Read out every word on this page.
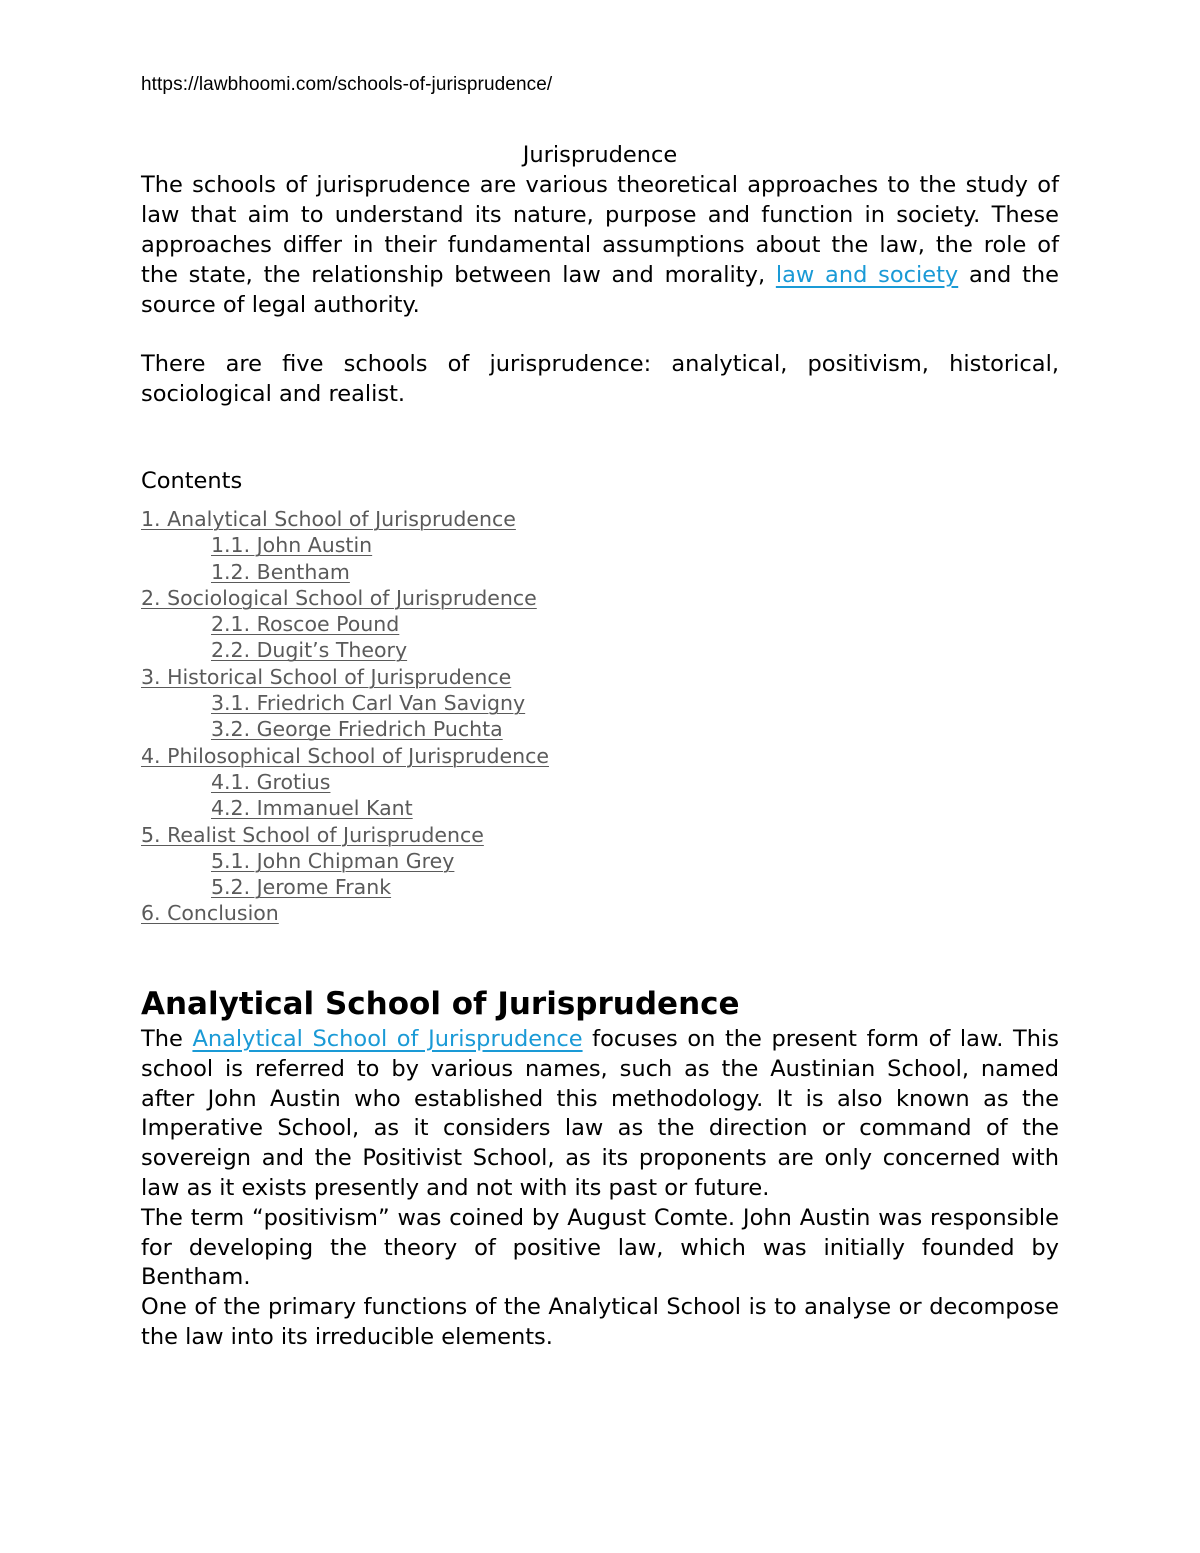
https://lawbhoomi.com/schools-of-jurisprudence/
Jurisprudence

The schools of jurisprudence are various theoretical approaches to the study of law that aim to understand its nature, purpose and function in society. These approaches differ in their fundamental assumptions about the law, the role of the state, the relationship between law and morality, law and society and the source of legal authority.

There are five schools of jurisprudence: analytical, positivism, historical, sociological and realist.

Contents
1. Analytical School of Jurisprudence
1.1. John Austin
1.2. Bentham
2. Sociological School of Jurisprudence
2.1. Roscoe Pound
2.2. Dugit’s Theory
3. Historical School of Jurisprudence
3.1. Friedrich Carl Van Savigny
3.2. George Friedrich Puchta
4. Philosophical School of Jurisprudence
4.1. Grotius
4.2. Immanuel Kant
5. Realist School of Jurisprudence
5.1. John Chipman Grey
5.2. Jerome Frank
6. Conclusion
Analytical School of Jurisprudence

The Analytical School of Jurisprudence focuses on the present form of law. This school is referred to by various names, such as the Austinian School, named after John Austin who established this methodology. It is also known as the Imperative School, as it considers law as the direction or command of the sovereign and the Positivist School, as its proponents are only concerned with law as it exists presently and not with its past or future.

The term “positivism” was coined by August Comte. John Austin was responsible for developing the theory of positive law, which was initially founded by Bentham.

One of the primary functions of the Analytical School is to analyse or decompose the law into its irreducible elements.
